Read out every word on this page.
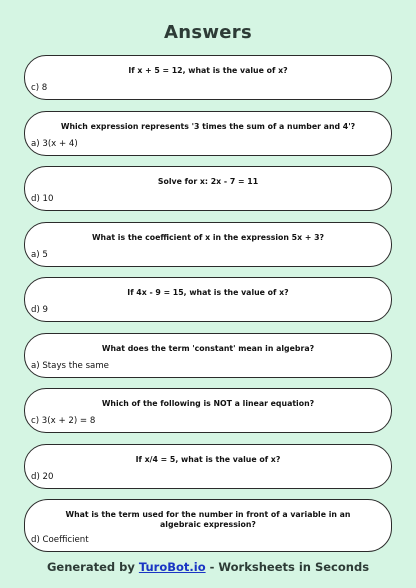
Answers
If x + 5 = 12, what is the value of x?
c) 8
Which expression represents '3 times the sum of a number and 4'?
a) 3(x + 4)
Solve for x: 2x - 7 = 11
d) 10
What is the coefficient of x in the expression 5x + 3?
a) 5
If 4x - 9 = 15, what is the value of x?
d) 9
What does the term 'constant' mean in algebra?
a) Stays the same
Which of the following is NOT a linear equation?
c) 3(x + 2) = 8
If x/4 = 5, what is the value of x?
d) 20
What is the term used for the number in front of a variable in an algebraic expression?
d) Coefficient
Generated by TuroBot.io - Worksheets in Seconds
